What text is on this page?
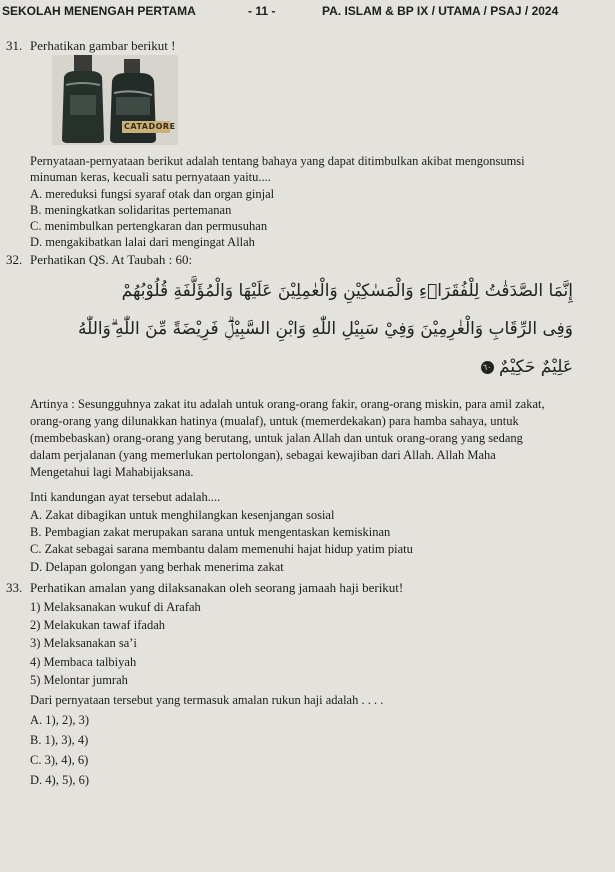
SEKOLAH MENENGAH PERTAMA	- 11 -	PA. ISLAM & BP IX / UTAMA / PSAJ / 2024
31. Perhatikan gambar berikut !
CATADORE
Pernyataan-pernyataan berikut adalah tentang bahaya yang dapat ditimbulkan akibat mengonsumsi
minuman keras, kecuali satu pernyataan yaitu....
A. mereduksi fungsi syaraf otak dan organ ginjal
B. meningkatkan solidaritas pertemanan
C. menimbulkan pertengkaran dan permusuhan
D. mengakibatkan lalai dari mengingat Allah
32. Perhatikan QS. At Taubah : 60:
إِنَّمَا الصَّدَقٰتُ لِلْفُقَرَاۤءِ وَالْمَسٰكِيْنِ وَالْعٰمِلِيْنَ عَلَيْهَا وَالْمُؤَلَّفَةِ قُلُوْبُهُمْ
وَفِى الرِّقَابِ وَالْغٰرِمِيْنَ وَفِيْ سَبِيْلِ اللّٰهِ وَابْنِ السَّبِيْلِۗ فَرِيْضَةً مِّنَ اللّٰهِ ۗوَاللّٰهُ
عَلِيْمٌ حَكِيْمٌ ٦٠
Artinya : Sesungguhnya zakat itu adalah untuk orang-orang fakir, orang-orang miskin, para amil zakat,
orang-orang yang dilunakkan hatinya (mualaf), untuk (memerdekakan) para hamba sahaya, untuk
(membebaskan) orang-orang yang berutang, untuk jalan Allah dan untuk orang-orang yang sedang
dalam perjalanan (yang memerlukan pertolongan), sebagai kewajiban dari Allah. Allah Maha
Mengetahui lagi Mahabijaksana.
Inti kandungan ayat tersebut adalah....
A. Zakat dibagikan untuk menghilangkan kesenjangan sosial
B. Pembagian zakat merupakan sarana untuk mengentaskan kemiskinan
C. Zakat sebagai sarana membantu dalam memenuhi hajat hidup yatim piatu
D. Delapan golongan yang berhak menerima zakat
33. Perhatikan amalan yang dilaksanakan oleh seorang jamaah haji berikut!
1) Melaksanakan wukuf di Arafah
2) Melakukan tawaf ifadah
3) Melaksanakan sa’i
4) Membaca talbiyah
5) Melontar jumrah
Dari pernyataan tersebut yang termasuk amalan rukun haji adalah . . . .
A. 1), 2), 3)
B. 1), 3), 4)
C. 3), 4), 6)
D. 4), 5), 6)
